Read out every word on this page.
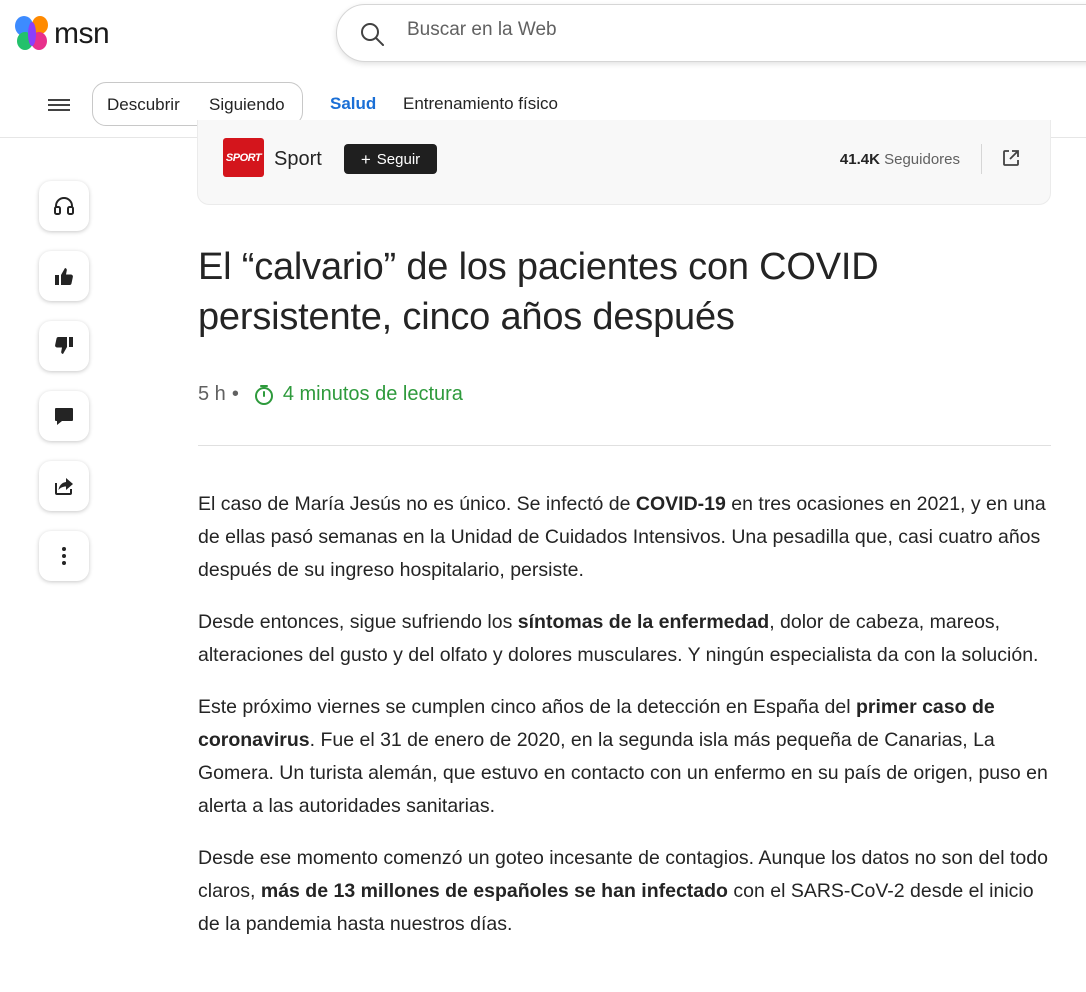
msn
Buscar en la Web
Descubrir Siguiendo	Salud Entrenamiento físico
SPORT Sport + Seguir	41.4K Seguidores
El “calvario” de los pacientes con COVID persistente, cinco años después
5 h • 4 minutos de lectura

El caso de María Jesús no es único. Se infectó de COVID-19 en tres ocasiones en 2021, y en una de ellas pasó semanas en la Unidad de Cuidados Intensivos. Una pesadilla que, casi cuatro años después de su ingreso hospitalario, persiste.

Desde entonces, sigue sufriendo los síntomas de la enfermedad, dolor de cabeza, mareos, alteraciones del gusto y del olfato y dolores musculares. Y ningún especialista da con la solución.

Este próximo viernes se cumplen cinco años de la detección en España del primer caso de coronavirus. Fue el 31 de enero de 2020, en la segunda isla más pequeña de Canarias, La Gomera. Un turista alemán, que estuvo en contacto con un enfermo en su país de origen, puso en alerta a las autoridades sanitarias.

Desde ese momento comenzó un goteo incesante de contagios. Aunque los datos no son del todo claros, más de 13 millones de españoles se han infectado con el SARS-CoV-2 desde el inicio de la pandemia hasta nuestros días.
